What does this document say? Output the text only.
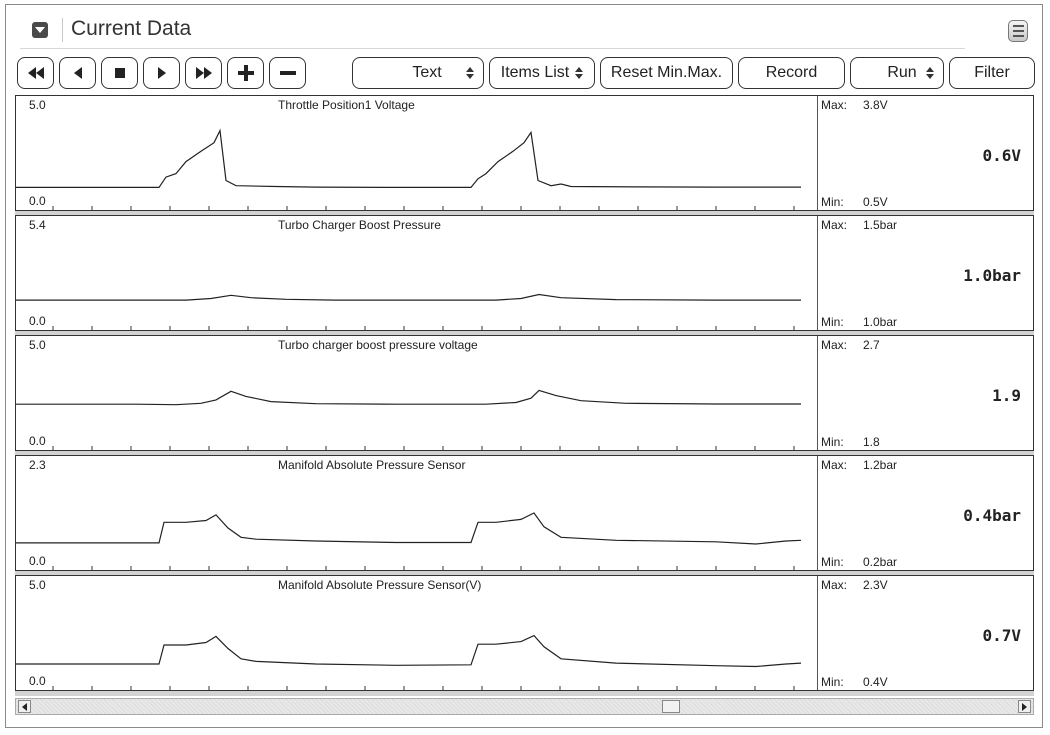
Current Data
Text	Items List	Reset Min.Max.	Record	Run	Filter
5.0
0.0
Throttle Position1 Voltage	Max: 3.8V
0.6V
Min: 0.5V
5.4
0.0
Turbo Charger Boost Pressure	Max: 1.5bar
1.0bar
Min: 1.0bar
5.0
0.0
Turbo charger boost pressure voltage	Max: 2.7
1.9
Min: 1.8
2.3
0.0
Manifold Absolute Pressure Sensor	Max: 1.2bar
0.4bar
Min: 0.2bar
5.0
0.0
Manifold Absolute Pressure Sensor(V)	Max: 2.3V
0.7V
Min: 0.4V
